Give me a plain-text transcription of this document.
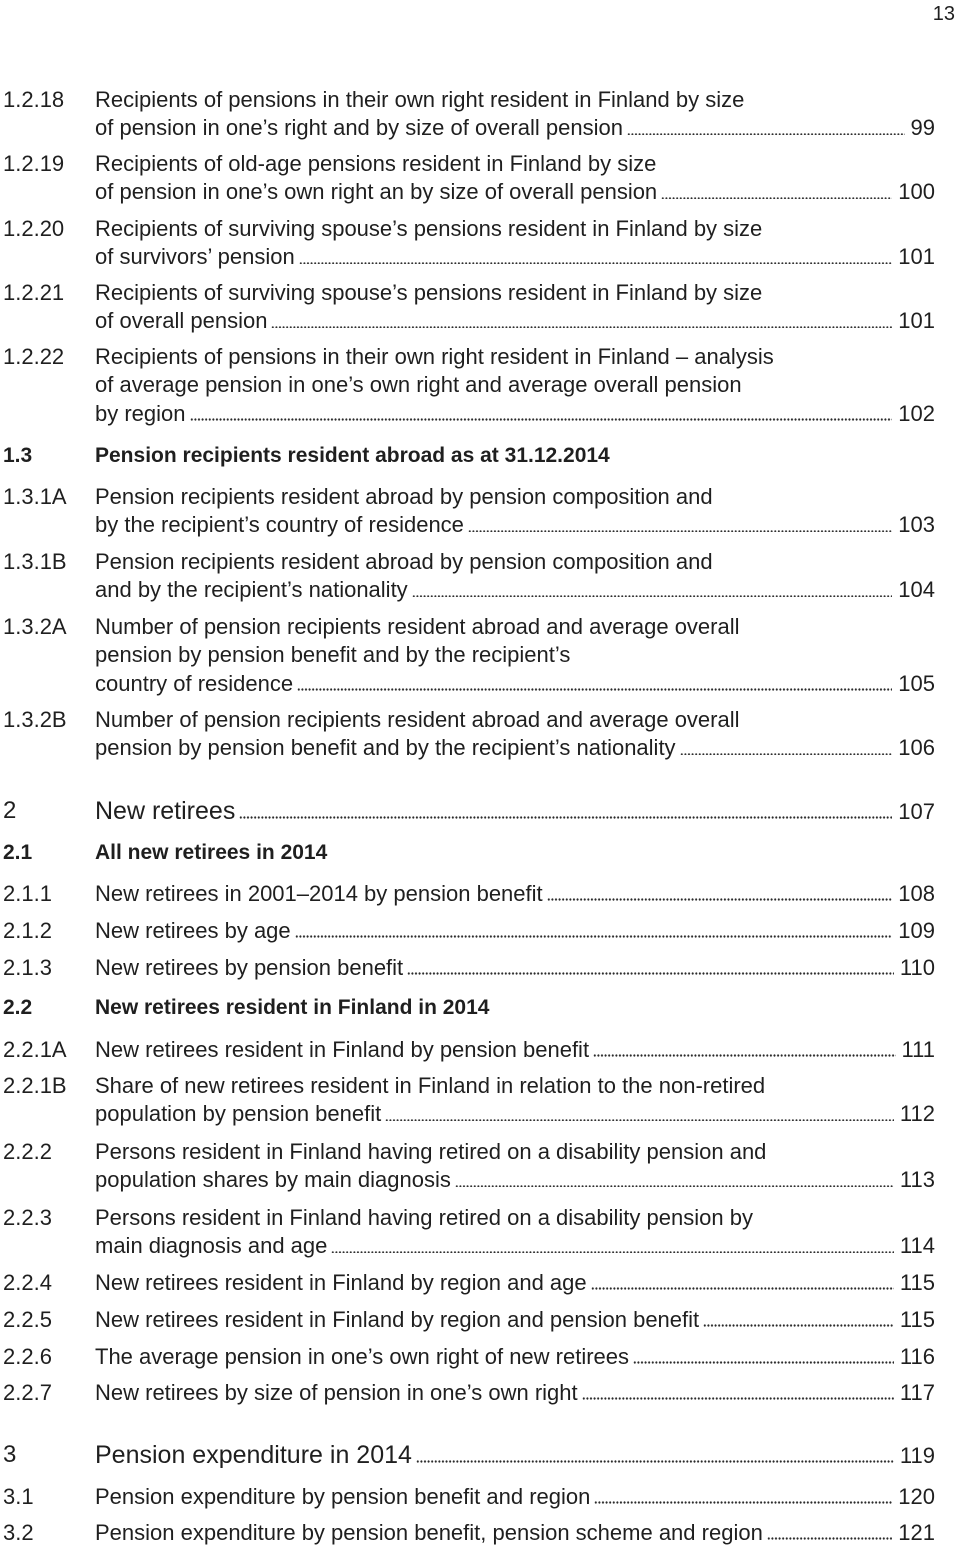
13
1.2.18 Recipients of pensions in their own right resident in Finland by size
of pension in one’s right and by size of overall pension	99
1.2.19 Recipients of old-age pensions resident in Finland by size
of pension in one’s own right an by size of overall pension	100
1.2.20 Recipients of surviving spouse’s pensions resident in Finland by size
of survivors’ pension	101
1.2.21 Recipients of surviving spouse’s pensions resident in Finland by size
of overall pension	101
1.2.22 Recipients of pensions in their own right resident in Finland – analysis
of average pension in one’s own right and average overall pension
by region	102
1.3	Pension recipients resident abroad as at 31.12.2014
1.3.1A Pension recipients resident abroad by pension composition and
by the recipient’s country of residence	103
1.3.1B Pension recipients resident abroad by pension composition and
and by the recipient’s nationality	104
1.3.2A Number of pension recipients resident abroad and average overall
pension by pension benefit and by the recipient’s
country of residence	105
1.3.2B Number of pension recipients resident abroad and average overall
pension by pension benefit and by the recipient’s nationality	106
2	New retirees	107
2.1	All new retirees in 2014
2.1.1 New retirees in 2001–2014 by pension benefit	108
2.1.2 New retirees by age	109
2.1.3 New retirees by pension benefit	110
2.2	New retirees resident in Finland in 2014
2.2.1A New retirees resident in Finland by pension benefit	111
2.2.1B Share of new retirees resident in Finland in relation to the non-retired
population by pension benefit	112
2.2.2 Persons resident in Finland having retired on a disability pension and
population shares by main diagnosis	113
2.2.3 Persons resident in Finland having retired on a disability pension by
main diagnosis and age	114
2.2.4 New retirees resident in Finland by region and age	115
2.2.5 New retirees resident in Finland by region and pension benefit	115
2.2.6 The average pension in one’s own right of new retirees	116
2.2.7 New retirees by size of pension in one’s own right	117
3	Pension expenditure in 2014	119
3.1	Pension expenditure by pension benefit and region	120
3.2	Pension expenditure by pension benefit, pension scheme and region	121
